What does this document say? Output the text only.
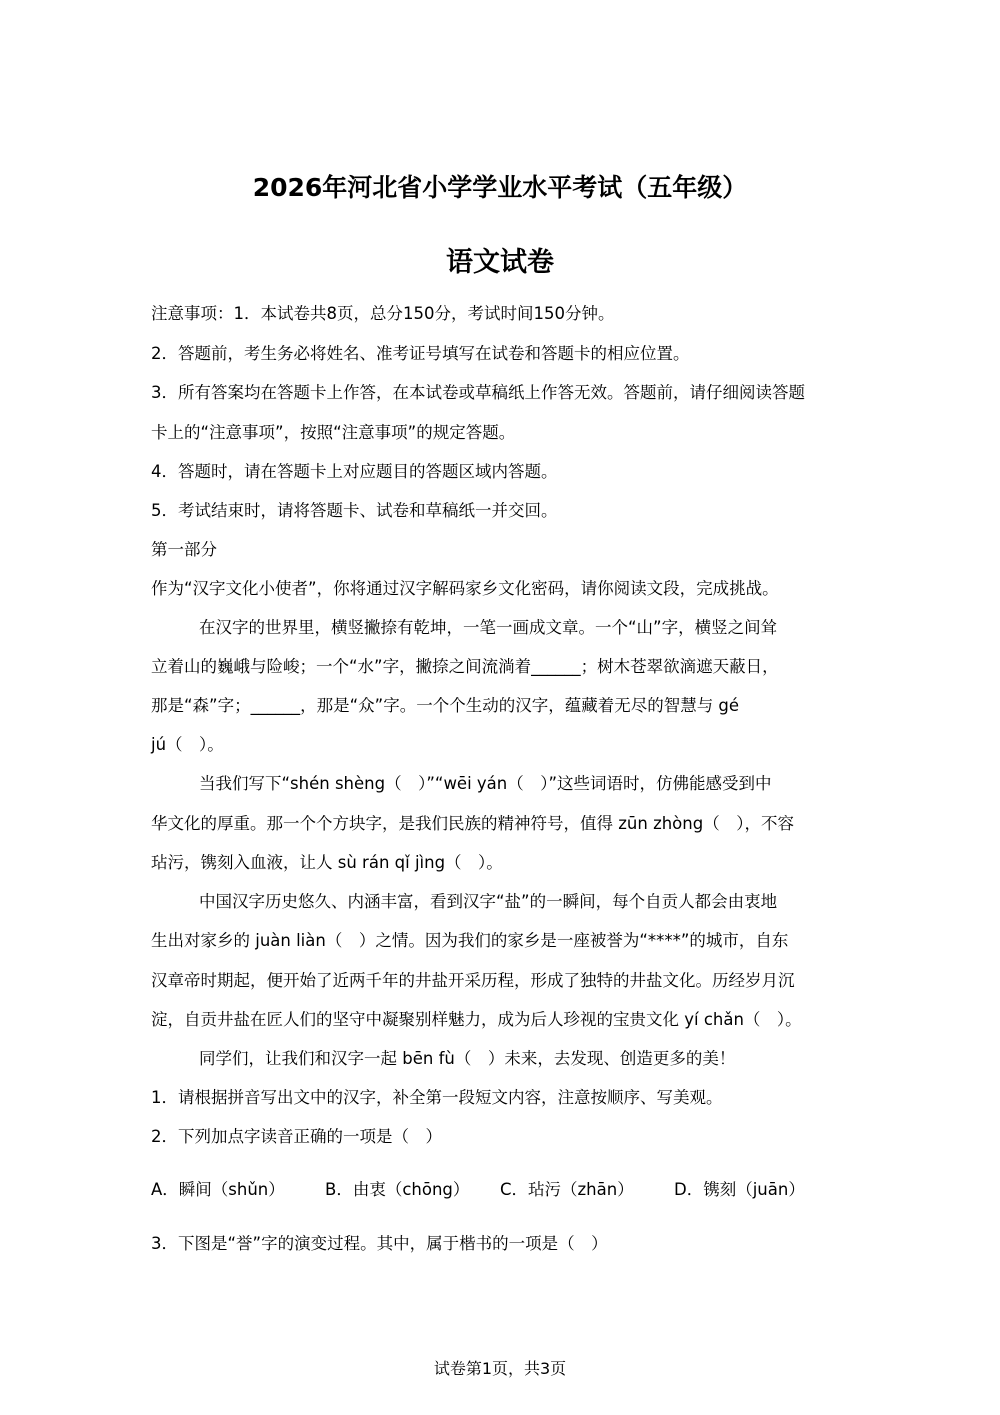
2026年河北省小学学业水平考试（五年级）
语文试卷
注意事项：1．本试卷共8页，总分150分，考试时间150分钟。
2．答题前，考生务必将姓名、准考证号填写在试卷和答题卡的相应位置。
3．所有答案均在答题卡上作答，在本试卷或草稿纸上作答无效。答题前，请仔细阅读答题
卡上的“注意事项”，按照“注意事项”的规定答题。
4．答题时，请在答题卡上对应题目的答题区域内答题。
5．考试结束时，请将答题卡、试卷和草稿纸一并交回。
第一部分
作为“汉字文化小使者”，你将通过汉字解码家乡文化密码，请你阅读文段，完成挑战。
在汉字的世界里，横竖撇捺有乾坤，一笔一画成文章。一个“山”字，横竖之间耸
立着山的巍峨与险峻；一个“水”字，撇捺之间流淌着______；树木苍翠欲滴遮天蔽日，
那是“森”字；______，那是“众”字。一个个生动的汉字，蕴藏着无尽的智慧与 gé
jú（　）。
当我们写下“shén shèng（　）”“wēi yán（　）”这些词语时，仿佛能感受到中
华文化的厚重。那一个个方块字，是我们民族的精神符号，值得 zūn zhòng（　），不容
玷污，镌刻入血液，让人 sù rán qǐ jìng（　）。
中国汉字历史悠久、内涵丰富，看到汉字“盐”的一瞬间，每个自贡人都会由衷地
生出对家乡的 juàn liàn（　）之情。因为我们的家乡是一座被誉为“****”的城市，自东
汉章帝时期起，便开始了近两千年的井盐开采历程，形成了独特的井盐文化。历经岁月沉
淀，自贡井盐在匠人们的坚守中凝聚别样魅力，成为后人珍视的宝贵文化 yí chǎn（　）。
同学们，让我们和汉字一起 bēn fù（　）未来，去发现、创造更多的美！
1．请根据拼音写出文中的汉字，补全第一段短文内容，注意按顺序、写美观。
2．下列加点字读音正确的一项是（　）
A．瞬间（shǔn） B．由衷（chōng） C．玷污（zhān） D．镌刻（juān）
3．下图是“誉”字的演变过程。其中，属于楷书的一项是（　）
试卷第1页，共3页
